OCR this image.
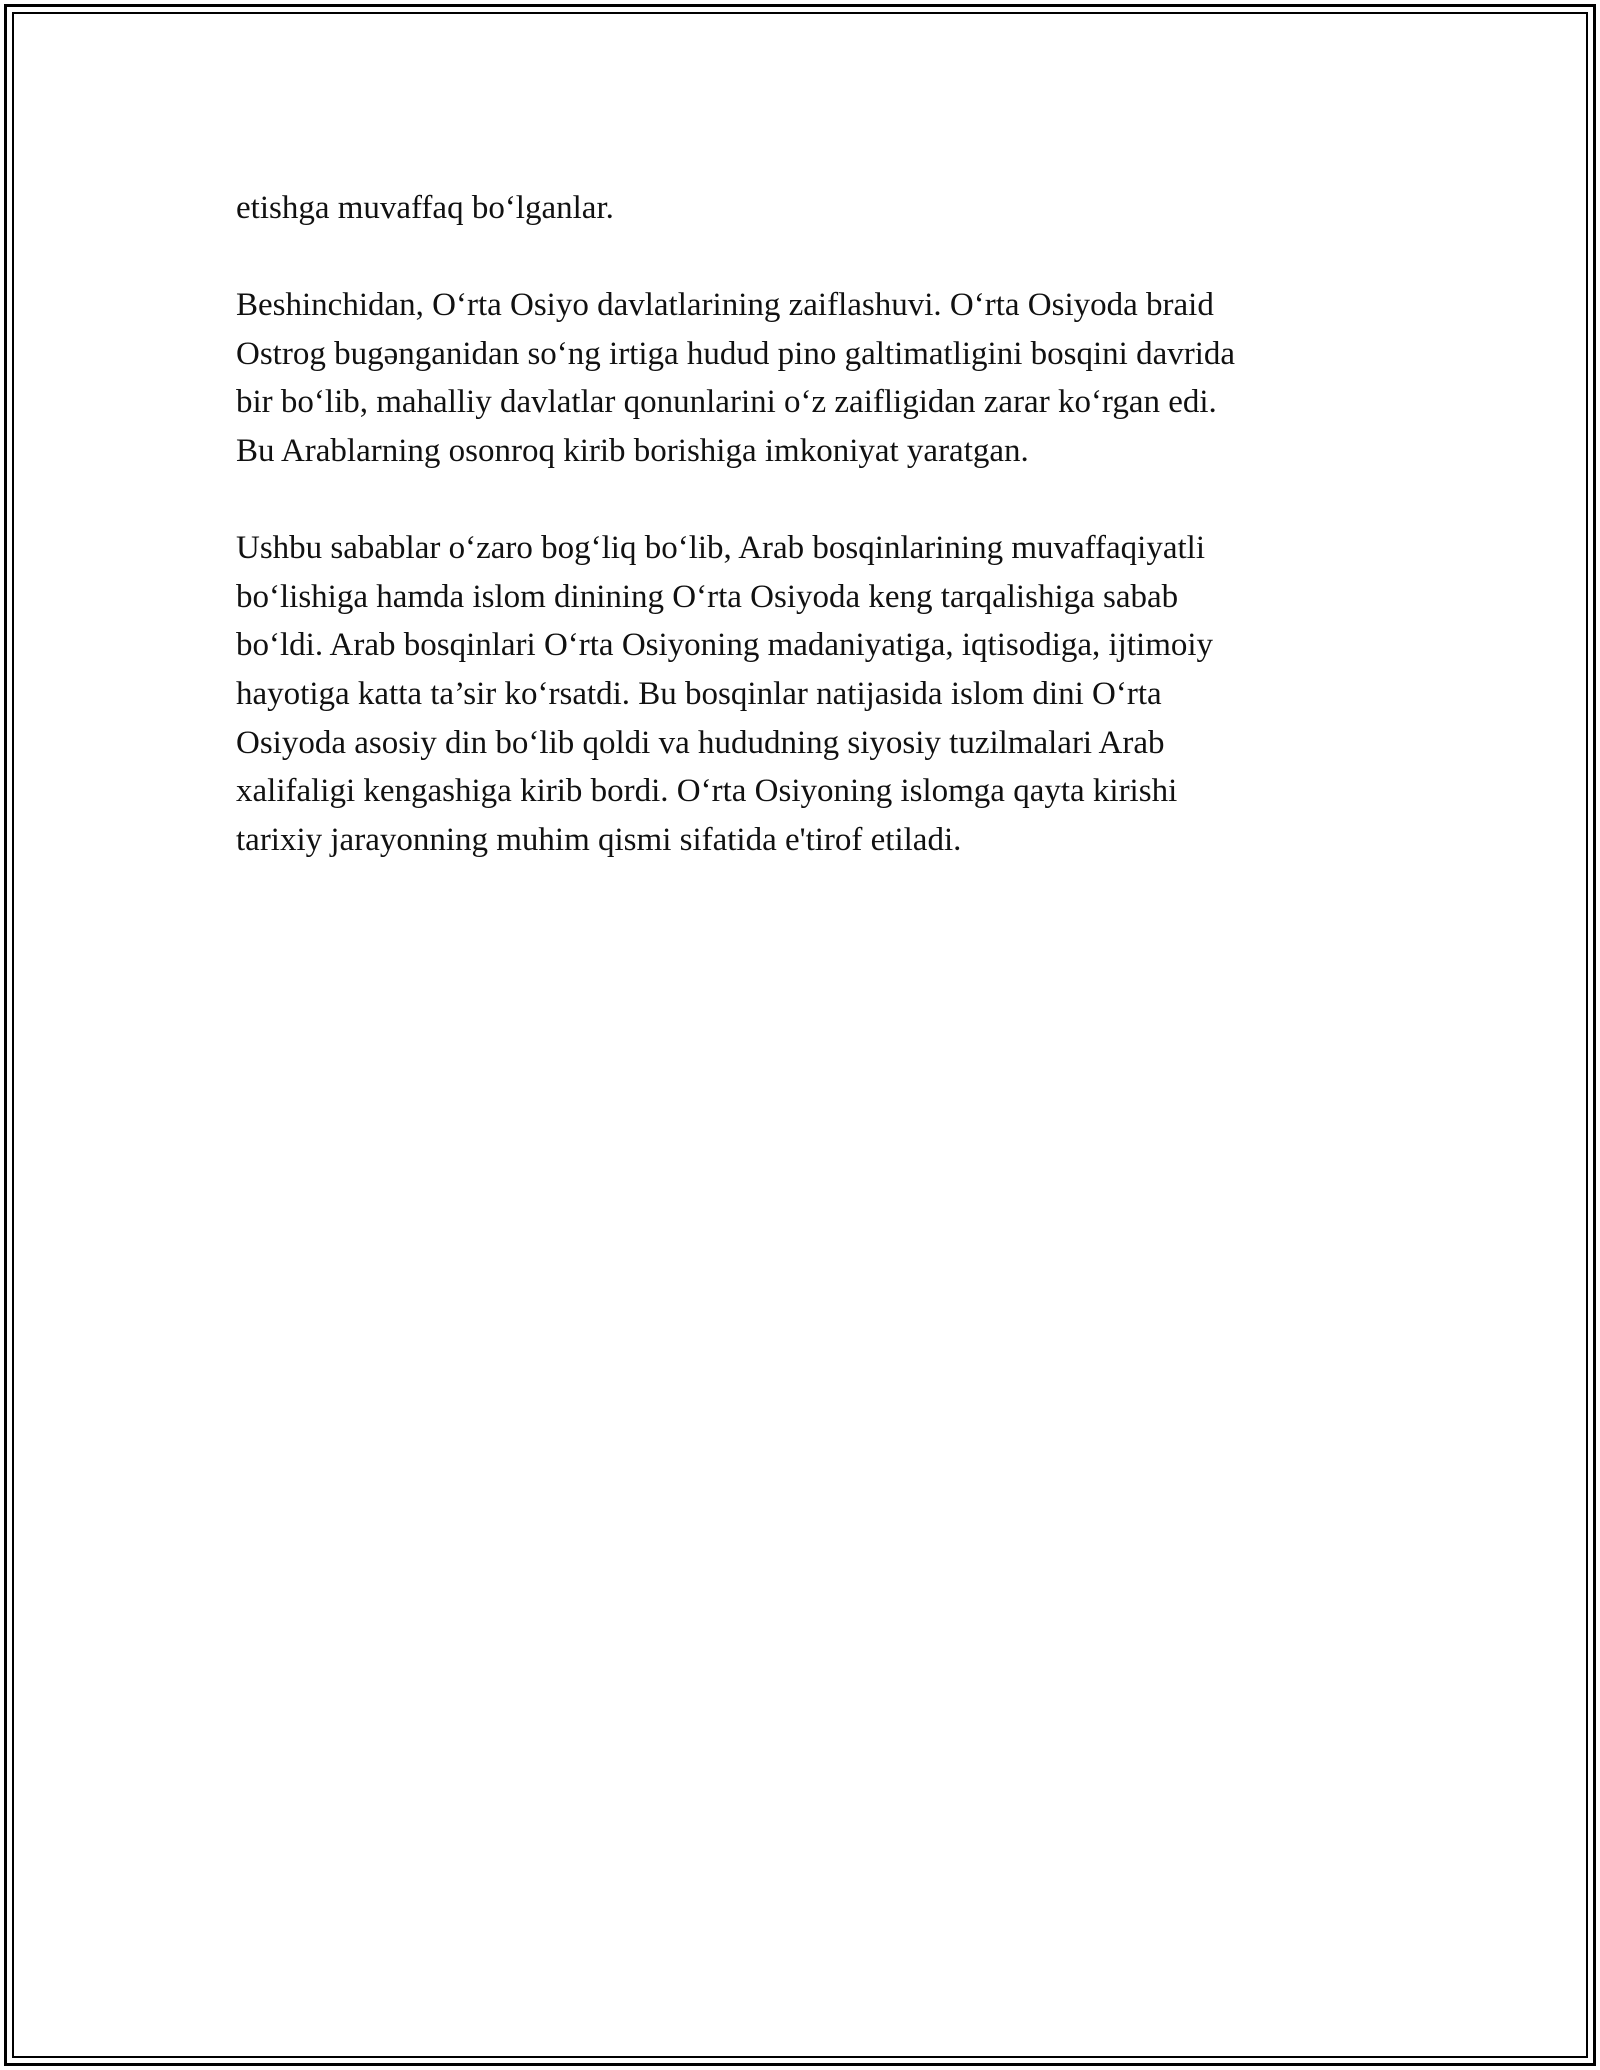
etishga muvaffaq bo‘lganlar.

Beshinchidan, O‘rta Osiyo davlatlarining zaiflashuvi. O‘rta Osiyoda braid
Ostrog bugənganidan so‘ng irtiga hudud pino galtimatligini bosqini davrida
bir bo‘lib, mahalliy davlatlar qonunlarini o‘z zaifligidan zarar ko‘rgan edi.
Bu Arablarning osonroq kirib borishiga imkoniyat yaratgan.

Ushbu sabablar o‘zaro bog‘liq bo‘lib, Arab bosqinlarining muvaffaqiyatli
bo‘lishiga hamda islom dinining O‘rta Osiyoda keng tarqalishiga sabab
bo‘ldi. Arab bosqinlari O‘rta Osiyoning madaniyatiga, iqtisodiga, ijtimoiy
hayotiga katta ta’sir ko‘rsatdi. Bu bosqinlar natijasida islom dini O‘rta
Osiyoda asosiy din bo‘lib qoldi va hududning siyosiy tuzilmalari Arab
xalifaligi kengashiga kirib bordi. O‘rta Osiyoning islomga qayta kirishi
tarixiy jarayonning muhim qismi sifatida e'tirof etiladi.
